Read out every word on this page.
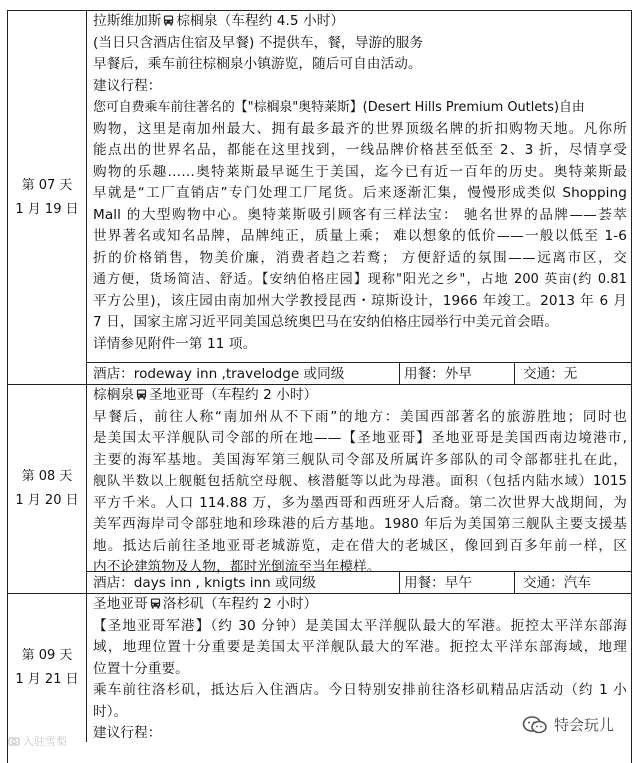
第 07 天
1 月 19 日
拉斯维加斯 棕榈泉（车程约 4.5 小时）
(当日只含酒店住宿及早餐) 不提供车，餐，导游的服务
早餐后，乘车前往棕榈泉小镇游览，随后可自由活动。
建议行程：
您可自费乘车前往著名的【"棕榈泉"奥特莱斯】(Desert Hills Premium Outlets)自由
购物，这里是南加州最大、拥有最多最齐的世界顶级名牌的折扣购物天地。凡你所
能点出的世界名品，都能在这里找到，一线品牌价格甚至低至 2、3 折，尽情享受
购物的乐趣……奥特莱斯最早诞生于美国，迄今已有近一百年的历史。奥特莱斯最
早就是“工厂直销店”专门处理工厂尾货。后来逐渐汇集，慢慢形成类似 Shopping
Mall 的大型购物中心。奥特莱斯吸引顾客有三样法宝： 驰名世界的品牌——荟萃
世界著名或知名品牌，品牌纯正，质量上乘； 难以想象的低价——一般以低至 1-6
折的价格销售，物美价廉，消费者趋之若鹜； 方便舒适的氛围——远离市区，交
通方便，货场简洁、舒适。【安纳伯格庄园】现称"阳光之乡"，占地 200 英亩(约 0.81
平方公里)，该庄园由南加州大学教授昆西・琼斯设计，1966 年竣工。2013 年 6 月
7 日，国家主席习近平同美国总统奥巴马在安纳伯格庄园举行中美元首会晤。
详情参见附件一第 11 项。
酒店：rodeway inn ,travelodge 或同级	用餐：外早	交通：无
第 08 天
1 月 20 日
棕榈泉 圣地亚哥（车程约 2 小时）
早餐后，前往人称“南加州从不下雨”的地方：美国西部著名的旅游胜地；同时也
是美国太平洋舰队司令部的所在地——【圣地亚哥】圣地亚哥是美国西南边境港市,
主要的海军基地。美国海军第三舰队司令部及所属许多部队的司令部都驻扎在此，
舰队半数以上舰艇包括航空母舰、核潜艇等以此为母港。面积（包括内陆水域）1015
平方千米。人口 114.88 万，多为墨西哥和西班牙人后裔。第二次世界大战期间，为
美军西海岸司令部驻地和珍珠港的后方基地。1980 年后为美国第三舰队主要支援基
地。抵达后前往圣地亚哥老城游览，走在借大的老城区，像回到百多年前一样，区
内不论建筑物及人物，都时光倒流至当年模样。
酒店：days inn , knigts inn 或同级	用餐：早午	交通：汽车
第 09 天
1 月 21 日
圣地亚哥 洛杉矶（车程约 2 小时）
【圣地亚哥军港】（约 30 分钟）是美国太平洋舰队最大的军港。扼控太平洋东部海
域，地理位置十分重要是美国太平洋舰队最大的军港。扼控太平洋东部海域，地理
位置十分重要。
乘车前往洛杉矶，抵达后入住酒店。今日特别安排前往洛杉矶精品店活动（约 1 小
时）。
建议行程：
入驻雪梨
特会玩儿
